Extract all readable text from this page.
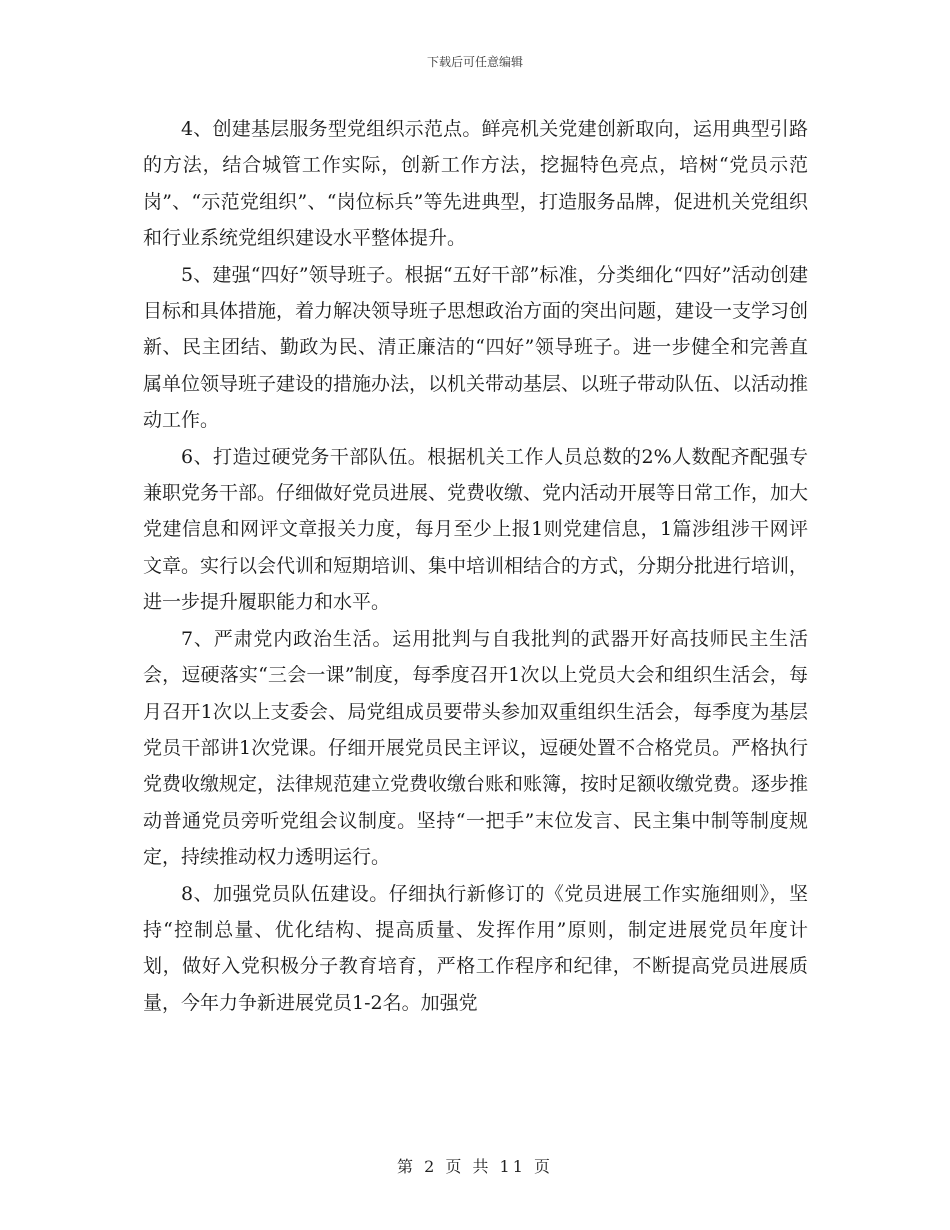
下载后可任意编辑

4、创建基层服务型党组织示范点。鲜亮机关党建创新取向，运用典型引路的方法，结合城管工作实际，创新工作方法，挖掘特色亮点，培树“党员示范岗”、“示范党组织”、“岗位标兵”等先进典型，打造服务品牌，促进机关党组织和行业系统党组织建设水平整体提升。

5、建强“四好”领导班子。根据“五好干部”标准，分类细化“四好”活动创建目标和具体措施，着力解决领导班子思想政治方面的突出问题，建设一支学习创新、民主团结、勤政为民、清正廉洁的“四好”领导班子。进一步健全和完善直属单位领导班子建设的措施办法，以机关带动基层、以班子带动队伍、以活动推动工作。

6、打造过硬党务干部队伍。根据机关工作人员总数的2%人数配齐配强专兼职党务干部。仔细做好党员进展、党费收缴、党内活动开展等日常工作，加大党建信息和网评文章报关力度，每月至少上报1则党建信息，1篇涉组涉干网评文章。实行以会代训和短期培训、集中培训相结合的方式，分期分批进行培训，进一步提升履职能力和水平。

7、严肃党内政治生活。运用批判与自我批判的武器开好高技师民主生活会，逗硬落实“三会一课”制度，每季度召开1次以上党员大会和组织生活会，每月召开1次以上支委会、局党组成员要带头参加双重组织生活会，每季度为基层党员干部讲1次党课。仔细开展党员民主评议，逗硬处置不合格党员。严格执行党费收缴规定，法律规范建立党费收缴台账和账簿，按时足额收缴党费。逐步推动普通党员旁听党组会议制度。坚持“一把手”末位发言、民主集中制等制度规定，持续推动权力透明运行。

8、加强党员队伍建设。仔细执行新修订的《党员进展工作实施细则》，坚持“控制总量、优化结构、提高质量、发挥作用”原则，制定进展党员年度计划，做好入党积极分子教育培育，严格工作程序和纪律，不断提高党员进展质量，今年力争新进展党员1-2名。加强党

第 2 页 共 11 页
